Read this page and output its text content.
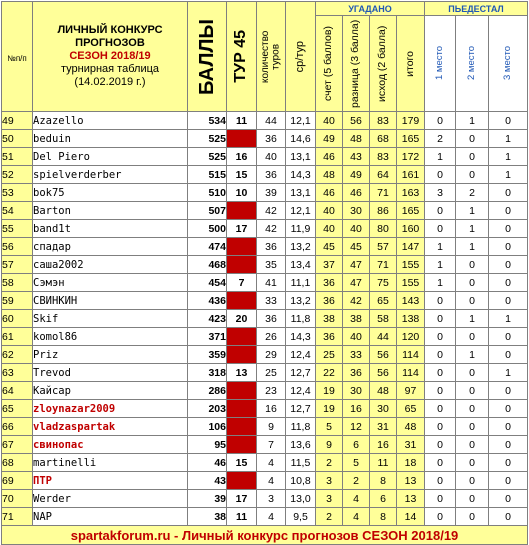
№п/п	ЛИЧНЫЙ КОНКУРС
ПРОГНОЗОВ
СЕЗОН 2018/19
турнирная таблица
(14.02.2019 г.)	БАЛЛЫ	ТУР 45	количество туров	ср/тур	УГАДАНО				ПЬЕДЕСТАЛ		

						счет (5 баллов)	разница (3 балла)	исход (2 балла)	итого	1 место	2 место	3 место

49	Azazello	534	11	44	12,1	40	56	83	179	0	1	0
50	beduin	525		36	14,6	49	48	68	165	2	0	1
51	Del Piero	525	16	40	13,1	46	43	83	172	1	0	1
52	spielverderber	515	15	36	14,3	48	49	64	161	0	0	1
53	bok75	510	10	39	13,1	46	46	71	163	3	2	0
54	Barton	507		42	12,1	40	30	86	165	0	1	0
55	band1t	500	17	42	11,9	40	40	80	160	0	1	0
56	спадар	474		36	13,2	45	45	57	147	1	1	0
57	саша2002	468		35	13,4	37	47	71	155	1	0	0
58	Сэмэн	454	7	41	11,1	36	47	75	155	1	0	0
59	СВИНКИН	436		33	13,2	36	42	65	143	0	0	0
60	Skif	423	20	36	11,8	38	38	58	138	0	1	1
61	komol86	371		26	14,3	36	40	44	120	0	0	0
62	Priz	359		29	12,4	25	33	56	114	0	1	0
63	Trevod	318	13	25	12,7	22	36	56	114	0	0	1
64	Кайсар	286		23	12,4	19	30	48	97	0	0	0
65	zloynazar2009	203		16	12,7	19	16	30	65	0	0	0
66	vladzaspartak	106		9	11,8	5	12	31	48	0	0	0
67	свинопас	95		7	13,6	9	6	16	31	0	0	0
68	martinelli	46	15	4	11,5	2	5	11	18	0	0	0
69	ПТР	43		4	10,8	3	2	8	13	0	0	0
70	Werder	39	17	3	13,0	3	4	6	13	0	0	0
71	NAP	38	11	4	9,5	2	4	8	14	0	0	0
spartakforum.ru - Личный конкурс прогнозов СЕЗОН 2018/19												
